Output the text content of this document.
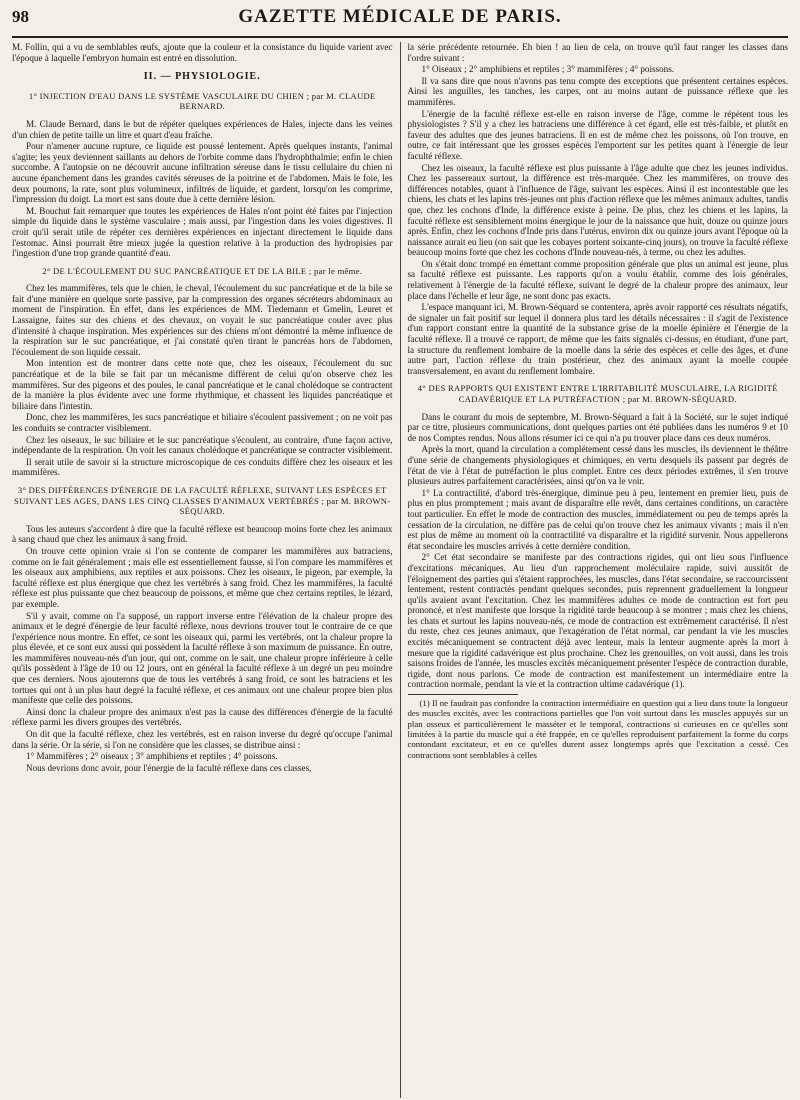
98	GAZETTE MÉDICALE DE PARIS.

M. Follin, qui a vu de semblables œufs, ajoute que la couleur et la consistance du liquide varient avec l'époque à laquelle l'embryon humain est entré en dissolution.

II. — PHYSIOLOGIE.
1° INJECTION D'EAU DANS LE SYSTÈME VASCULAIRE DU CHIEN ; par M. CLAUDE BERNARD.

M. Claude Bernard, dans le but de répéter quelques expériences de Hales, injecte dans les veines d'un chien de petite taille un litre et quart d'eau fraîche.

Pour n'amener aucune rupture, ce liquide est poussé lentement. Après quelques instants, l'animal s'agite; les yeux deviennent saillants au dehors de l'orbite comme dans l'hydrophthalmie; enfin le chien succombe. A l'autopsie on ne découvrit aucune infiltration séreuse dans le tissu cellulaire du chien ni aucune épanchement dans les grandes cavités séreuses de la poitrine et de l'abdomen. Mais le foie, les deux poumons, la rate, sont plus volumineux, infiltrés de liquide, et gardent, lorsqu'on les comprime, l'impression du doigt. La mort est sans doute due à cette dernière lésion.

M. Bouchut fait remarquer que toutes les expériences de Hales n'ont point été faites par l'injection simple du liquide dans le système vasculaire ; mais aussi, par l'ingestion dans les voies digestives. Il croit qu'il serait utile de répéter ces dernières expériences en injectant directement le liquide dans l'estomac. Ainsi pourrait être mieux jugée la question relative à la production des hydropisies par l'ingestion d'une trop grande quantité d'eau.

2° DE L'ÉCOULEMENT DU SUC PANCRÉATIQUE ET DE LA BILE ; par le même.

Chez les mammifères, tels que le chien, le cheval, l'écoulement du suc pancréatique et de la bile se fait d'une manière en quelque sorte passive, par la compression des organes sécréteurs abdominaux au moment de l'inspiration. En effet, dans les expériences de MM. Tiedemann et Gmelin, Leuret et Lassaigne, faites sur des chiens et des chevaux, on voyait le suc pancréatique couler avec plus d'intensité à chaque inspiration. Mes expériences sur des chiens m'ont démontré la même influence de la respiration sur le suc pancréatique, et j'ai constaté qu'en tirant le pancréas hors de l'abdomen, l'écoulement de son liquide cessait.

Mon intention est de montrer dans cette note que, chez les oiseaux, l'écoulement du suc pancréatique et de la bile se fait par un mécanisme différent de celui qu'on observe chez les mammifères. Sur des pigeons et des poules, le canal pancréatique et le canal cholédoque se contractent de la manière la plus évidente avec une forme rhythmique, et chassent les liquides pancréatique et biliaire dans l'intestin.

Donc, chez les mammifères, les sucs pancréatique et biliaire s'écoulent passivement ; on ne voit pas les conduits se contracter visiblement.

Chez les oiseaux, le suc biliaire et le suc pancréatique s'écoulent, au contraire, d'une façon active, indépendante de la respiration. On voit les canaux cholédoque et pancréatique se contracter visiblement.

Il serait utile de savoir si la structure microscopique de ces conduits diffère chez les oiseaux et les mammifères.

3° DES DIFFÉRENCES D'ÉNERGIE DE LA FACULTÉ RÉFLEXE, SUIVANT LES ESPÈCES ET SUIVANT LES AGES, DANS LES CINQ CLASSES D'ANIMAUX VERTÉBRÉS ; par M. BROWN-SÉQUARD.

Tous les auteurs s'accordent à dire que la faculté réflexe est beaucoup moins forte chez les animaux à sang chaud que chez les animaux à sang froid.

On trouve cette opinion vraie si l'on se contente de comparer les mammifères aux batraciens, comme on le fait généralement ; mais elle est essentiellement fausse, si l'on compare les mammifères et les oiseaux aux amphibiens, aux reptiles et aux poissons. Chez les oiseaux, le pigeon, par exemple, la faculté réflexe est plus énergique que chez les vertébrés à sang froid. Chez les mammifères, la faculté réflexe est plus puissante que chez beaucoup de poissons, et même que chez certains reptiles, le lézard, par exemple.

S'il y avait, comme on l'a supposé, un rapport inverse entre l'élévation de la chaleur propre des animaux et le degré d'énergie de leur faculté réflexe, nous devrions trouver tout le contraire de ce que l'expérience nous montre. En effet, ce sont les oiseaux qui, parmi les vertébrés, ont la chaleur propre la plus élevée, et ce sont eux aussi qui possèdent la faculté réflexe à son maximum de puissance. En outre, les mammifères nouveau-nés d'un jour, qui ont, comme on le sait, une chaleur propre inférieure à celle qu'ils possèdent à l'âge de 10 ou 12 jours, ont en général la faculté réflexe à un degré un peu moindre que ces derniers. Nous ajouterons que de tous les vertébrés à sang froid, ce sont les batraciens et les tortues qui ont à un plus haut degré la faculté réflexe, et ces animaux ont une chaleur propre bien plus manifeste que celle des poissons.

Ainsi donc la chaleur propre des animaux n'est pas la cause des différences d'énergie de la faculté réflexe parmi les divers groupes des vertébrés.

On dit que la faculté réflexe, chez les vertébrés, est en raison inverse du degré qu'occupe l'animal dans la série. Or la série, si l'on ne considère que les classes, se distribue ainsi :

1° Mammifères ; 2° oiseaux ; 3° amphibiens et reptiles ; 4° poissons.

Nous devrions donc avoir, pour l'énergie de la faculté réflexe dans ces classes,

la série précédente retournée. Eh bien ! au lieu de cela, on trouve qu'il faut ranger les classes dans l'ordre suivant :

1° Oiseaux ; 2° amphibiens et reptiles ; 3° mammifères ; 4° poissons.

Il va sans dire que nous n'avons pas tenu compte des exceptions que présentent certaines espèces. Ainsi les anguilles, les tanches, les carpes, ont au moins autant de puissance réflexe que les mammifères.

L'énergie de la faculté réflexe est-elle en raison inverse de l'âge, comme le répètent tous les physiologistes ? S'il y a chez les batraciens une différence à cet égard, elle est très-faible, et plutôt en faveur des adultes que des jeunes batraciens. Il en est de même chez les poissons, où l'on trouve, en outre, ce fait intéressant que les grosses espèces l'emportent sur les petites quant à l'énergie de leur faculté réflexe.

Chez les oiseaux, la faculté réflexe est plus puissante à l'âge adulte que chez les jeunes individus. Chez les passereaux surtout, la différence est très-marquée. Chez les mammifères, on trouve des différences notables, quant à l'influence de l'âge, suivant les espèces. Ainsi il est incontestable que les chiens, les chats et les lapins très-jeunes ont plus d'action réflexe que les mêmes animaux adultes, tandis que, chez les cochons d'Inde, la différence existe à peine. De plus, chez les chiens et les lapins, la faculté réflexe est sensiblement moins énergique le jour de la naissance que huit, douze ou quinze jours après. Enfin, chez les cochons d'Inde pris dans l'utérus, environ dix ou quinze jours avant l'époque où la naissance aurait eu lieu (on sait que les cobayes portent soixante-cinq jours), on trouve la faculté réflexe beaucoup moins forte que chez les cochons d'Inde nouveau-nés, à terme, ou chez les adultes.

On s'était donc trompé en émettant comme proposition générale que plus un animal est jeune, plus sa faculté réflexe est puissante. Les rapports qu'on a voulu établir, comme des lois générales, relativement à l'énergie de la faculté réflexe, suivant le degré de la chaleur propre des animaux, leur place dans l'échelle et leur âge, ne sont donc pas exacts.

L'espace manquant ici, M. Brown-Séquard se contentera, après avoir rapporté ces résultats négatifs, de signaler un fait positif sur lequel il donnera plus tard les détails nécessaires : il s'agit de l'existence d'un rapport constant entre la quantité de la substance grise de la moelle épinière et l'énergie de la faculté réflexe. Il a trouvé ce rapport, de même que les faits signalés ci-dessus, en étudiant, d'une part, la structure du renflement lombaire de la moelle dans la série des espèces et celle des âges, et d'une autre part, l'action réflexe du train postérieur, chez des animaux ayant la moelle coupée transversalement, en avant du renflement lombaire.

4° DES RAPPORTS QUI EXISTENT ENTRE L'IRRITABILITÉ MUSCULAIRE, LA RIGIDITÉ CADAVÉRIQUE ET LA PUTRÉFACTION ; par M. BROWN-SÉQUARD.

Dans le courant du mois de septembre, M. Brown-Séquard a fait à la Société, sur le sujet indiqué par ce titre, plusieurs communications, dont quelques parties ont été publiées dans les numéros 9 et 10 de nos Comptes rendus. Nous allons résumer ici ce qui n'a pu trouver place dans ces deux numéros.

Après la mort, quand la circulation a complétement cessé dans les muscles, ils deviennent le théâtre d'une série de changements physiologiques et chimiques, en vertu desquels ils passent par degrés de l'état de vie à l'état de putréfaction le plus complet. Entre ces deux périodes extrêmes, il s'en trouve plusieurs autres parfaitement caractérisées, ainsi qu'on va le voir.

1° La contractilité, d'abord très-énergique, diminue peu à peu, lentement en premier lieu, puis de plus en plus promptement ; mais avant de disparaître elle revêt, dans certaines conditions, un caractère tout particulier. En effet le mode de contraction des muscles, immédiatement ou peu de temps après la cessation de la circulation, ne diffère pas de celui qu'on trouve chez les animaux vivants ; mais il n'en est plus de même au moment où la contractilité va disparaître et la rigidité survenir. Nous appellerons état secondaire les muscles arrivés à cette dernière condition.

2° Cet état secondaire se manifeste par des contractions rigides, qui ont lieu sous l'influence d'excitations mécaniques. Au lieu d'un rapprochement moléculaire rapide, suivi aussitôt de l'éloignement des parties qui s'étaient rapprochées, les muscles, dans l'état secondaire, se raccourcissent lentement, restent contractés pendant quelques secondes, puis reprennent graduellement la longueur qu'ils avaient avant l'excitation. Chez les mammifères adultes ce mode de contraction est fort peu prononcé, et n'est manifeste que lorsque la rigidité tarde beaucoup à se montrer ; mais chez les chiens, les chats et surtout les lapins nouveau-nés, ce mode de contraction est extrêmement caractérisé. Il n'est du reste, chez ces jeunes animaux, que l'exagération de l'état normal, car pendant la vie les muscles excités mécaniquement se contractent déjà avec lenteur, mais la lenteur augmente après la mort à mesure que la rigidité cadavérique est plus prochaine. Chez les grenouilles, on voit aussi, dans les trois saisons froides de l'année, les muscles excités mécaniquement présenter l'espèce de contraction durable, rigide, dont nous parlons. Ce mode de contraction est manifestement un intermédiaire entre la contraction normale, pendant la vie et la contraction ultime cadavérique (1).

(1) Il ne faudrait pas confondre la contraction intermédiaire en question qui a lieu dans toute la longueur des muscles excités, avec les contractions partielles que l'on voit surtout dans les muscles appuyés sur un plan osseux et particulièrement le masséter et le temporal, contractions si curieuses en ce qu'elles sont limitées à la partie du muscle qui a été frappée, en ce qu'elles reproduisent parfaitement la forme du corps contondant excitateur, et en ce qu'elles durent assez longtemps après que l'excitation a cessé. Ces contractions sont semblables à celles
